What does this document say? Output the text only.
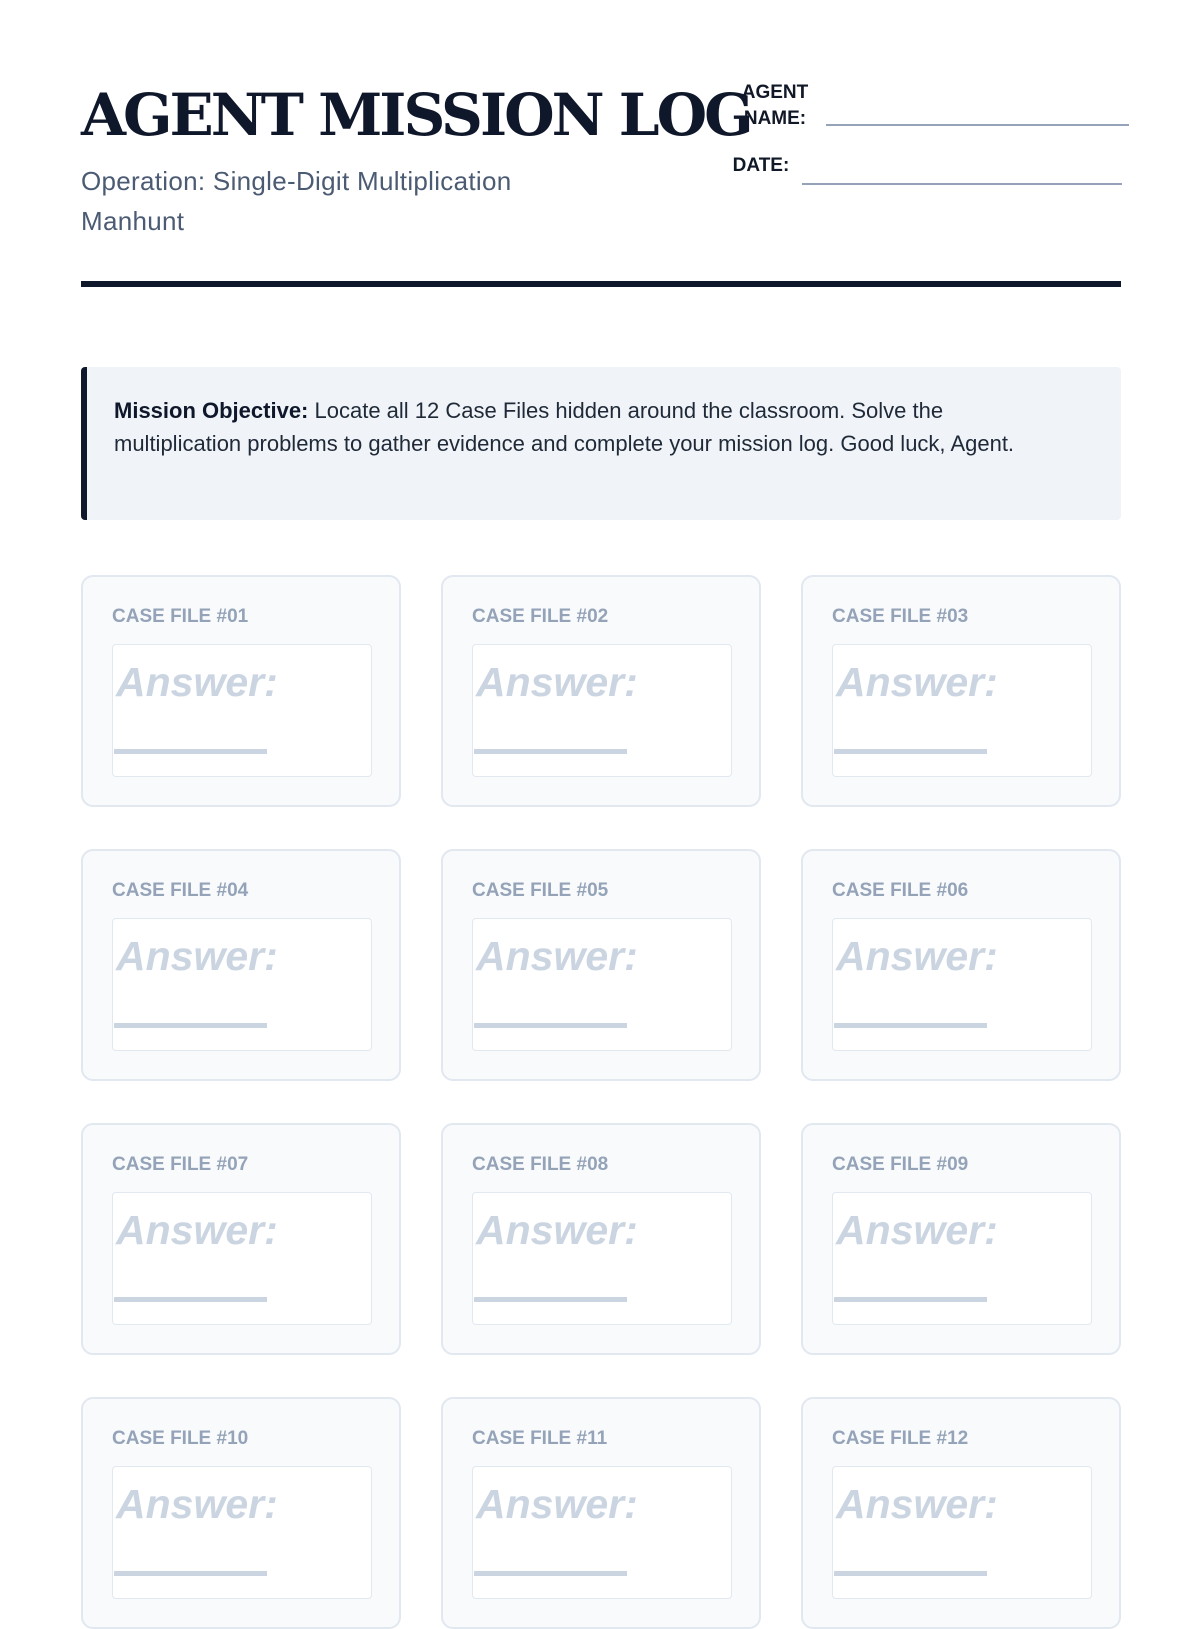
AGENT MISSION LOG

Operation: Single-Digit Multiplication Manhunt

AGENT NAME:
DATE:
Mission Objective: Locate all 12 Case Files hidden around the classroom. Solve the multiplication problems to gather evidence and complete your mission log. Good luck, Agent.
CASE FILE #01
Answer:
CASE FILE #02
Answer:
CASE FILE #03
Answer:
CASE FILE #04
Answer:
CASE FILE #05
Answer:
CASE FILE #06
Answer:
CASE FILE #07
Answer:
CASE FILE #08
Answer:
CASE FILE #09
Answer:
CASE FILE #10
Answer:
CASE FILE #11
Answer:
CASE FILE #12
Answer:
